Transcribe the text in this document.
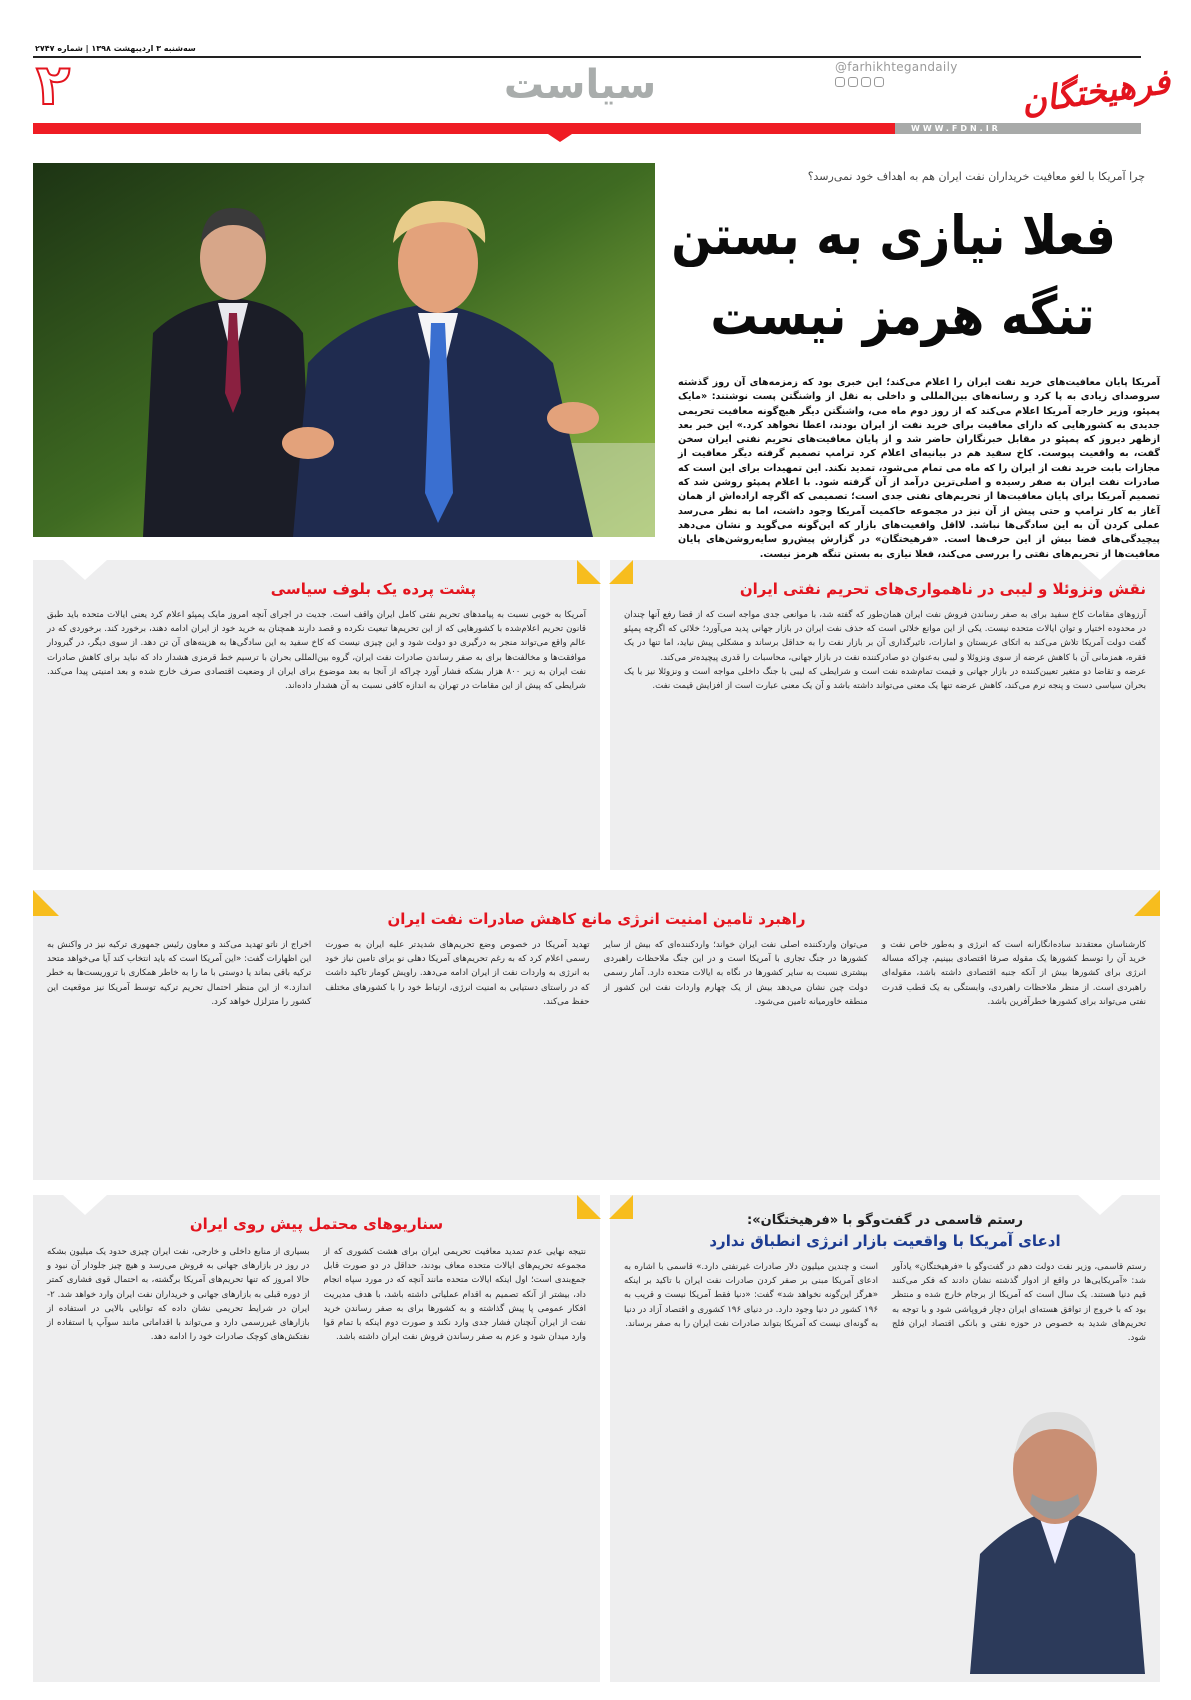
سه‌شنبه ۳ اردیبهشت ۱۳۹۸ | شماره ۲۷۴۷
@farhikhtegandaily فرهیختگان
سیاست
۲
WWW.FDN.IR
چرا آمریکا با لغو معافیت خریداران نفت ایران هم به اهداف خود نمی‌رسد؟
فعلا نیازی به بستن
تنگه هرمز نیست
آمریکا پایان معافیت‌های خرید نفت ایران را اعلام می‌کند؛ این خبری بود که زمزمه‌های آن روز گذشته سروصدای زیادی به پا کرد و رسانه‌های بین‌المللی و داخلی به نقل از واشنگتن پست نوشتند: «مایک پمپئو، وزیر خارجه آمریکا اعلام می‌کند که از روز دوم ماه می، واشنگتن دیگر هیچ‌گونه معافیت تحریمی جدیدی به کشورهایی که دارای معافیت برای خرید نفت از ایران بودند، اعطا نخواهد کرد.» این خبر بعد ازظهر دیروز که پمپئو در مقابل خبرنگاران حاضر شد و از پایان معافیت‌های تحریم نفتی ایران سخن گفت، به واقعیت پیوست. کاخ سفید هم در بیانیه‌ای اعلام کرد ترامپ تصمیم گرفته دیگر معافیت از مجازات بابت خرید نفت از ایران را که ماه می تمام می‌شود، تمدید نکند. این تمهیدات برای این است که صادرات نفت ایران به صفر رسیده و اصلی‌ترین درآمد از آن گرفته شود. با اعلام پمپئو روشن شد که تصمیم آمریکا برای پایان معافیت‌ها از تحریم‌های نفتی جدی است؛ تصمیمی که اگرچه اراده‌اش از همان آغاز به کار ترامپ و حتی پیش از آن نیز در مجموعه حاکمیت آمریکا وجود داشت، اما به نظر می‌رسد عملی کردن آن به این سادگی‌ها نباشد. لااقل واقعیت‌های بازار که این‌گونه می‌گوید و نشان می‌دهد پیچیدگی‌های فضا بیش از این حرف‌ها است. «فرهیختگان» در گزارش پیش‌رو سایه‌روشن‌های پایان معافیت‌ها از تحریم‌های نفتی را بررسی می‌کند، فعلا نیازی به بستن تنگه هرمز نیست.
نقش ونزوئلا و لیبی در ناهمواری‌های تحریم نفتی ایران

آرزوهای مقامات کاخ سفید برای به صفر رساندن فروش نفت ایران همان‌طور که گفته شد، با موانعی جدی مواجه است که از قضا رفع آنها چندان در محدوده اختیار و توان ایالات متحده نیست. یکی از این موانع خلائی است که حذف نفت ایران در بازار جهانی پدید می‌آورد؛ خلائی که اگرچه پمپئو گفت دولت آمریکا تلاش می‌کند به اتکای عربستان و امارات، تاثیرگذاری آن بر بازار نفت را به حداقل برساند و مشکلی پیش نیاید، اما تنها در یک فقره، همزمانی آن با کاهش عرضه از سوی ونزوئلا و لیبی به‌عنوان دو صادرکننده نفت در بازار جهانی، محاسبات را قدری پیچیده‌تر می‌کند.

عرضه و تقاضا دو متغیر تعیین‌کننده در بازار جهانی و قیمت تمام‌شده نفت است و شرایطی که لیبی با جنگ داخلی مواجه است و ونزوئلا نیز با یک بحران سیاسی دست و پنجه نرم می‌کند، کاهش عرضه تنها یک معنی می‌تواند داشته باشد و آن یک معنی عبارت است از افزایش قیمت نفت.

پشت پرده یک بلوف سیاسی

آمریکا به خوبی نسبت به پیامدهای تحریم نفتی کامل ایران واقف است. جدیت در اجرای آنچه امروز مایک پمپئو اعلام کرد یعنی ایالات متحده باید طبق قانون تحریم اعلام‌شده با کشورهایی که از این تحریم‌ها تبعیت نکرده و قصد دارند همچنان به خرید خود از ایران ادامه دهند، برخورد کند. برخوردی که در عالم واقع می‌تواند منجر به درگیری دو دولت شود و این چیزی نیست که کاخ سفید به این سادگی‌ها به هزینه‌های آن تن دهد. از سوی دیگر، در گیرودار موافقت‌ها و مخالفت‌ها برای به صفر رساندن صادرات نفت ایران، گروه بین‌المللی بحران با ترسیم خط قرمزی هشدار داد که نباید برای کاهش صادرات نفت ایران به زیر ۸۰۰ هزار بشکه فشار آورد چراکه از آنجا به بعد موضوع برای ایران از وضعیت اقتصادی صرف خارج شده و بعد امنیتی پیدا می‌کند. شرایطی که پیش از این مقامات در تهران به اندازه کافی نسبت به آن هشدار داده‌اند.

راهبرد تامین امنیت انرژی مانع کاهش صادرات نفت ایران

کارشناسان معتقدند ساده‌انگارانه است که انرژی و به‌طور خاص نفت و خرید آن را توسط کشورها یک مقوله صرفا اقتصادی ببینیم، چراکه مساله انرژی برای کشورها بیش از آنکه جنبه اقتصادی داشته باشد، مقوله‌ای راهبردی است. از منظر ملاحظات راهبردی، وابستگی به یک قطب قدرت نفتی می‌تواند برای کشورها خطرآفرین باشد.

می‌توان واردکننده اصلی نفت ایران خواند؛ واردکننده‌ای که بیش از سایر کشورها در جنگ تجاری با آمریکا است و در این جنگ ملاحظات راهبردی بیشتری نسبت به سایر کشورها در نگاه به ایالات متحده دارد. آمار رسمی دولت چین نشان می‌دهد بیش از یک چهارم واردات نفت این کشور از منطقه خاورمیانه تامین می‌شود.

تهدید آمریکا در خصوص وضع تحریم‌های شدیدتر علیه ایران به صورت رسمی اعلام کرد که به رغم تحریم‌های آمریکا دهلی نو برای تامین نیاز خود به انرژی به واردات نفت از ایران ادامه می‌دهد. راویش کومار تاکید داشت که در راستای دستیابی به امنیت انرژی، ارتباط خود را با کشورهای مختلف حفظ می‌کند.

اخراج از ناتو تهدید می‌کند و معاون رئیس جمهوری ترکیه نیز در واکنش به این اظهارات گفت: «این آمریکا است که باید انتخاب کند آیا می‌خواهد متحد ترکیه باقی بماند یا دوستی با ما را به خاطر همکاری با تروریست‌ها به خطر اندازد.» از این منظر احتمال تحریم ترکیه توسط آمریکا نیز موقعیت این کشور را متزلزل خواهد کرد.

رستم قاسمی در گفت‌وگو با «فرهیختگان»:
ادعای آمریکا با واقعیت بازار انرژی انطباق ندارد

رستم قاسمی، وزیر نفت دولت دهم در گفت‌وگو با «فرهیختگان» یادآور شد: «آمریکایی‌ها در واقع از ادوار گذشته نشان دادند که فکر می‌کنند قیم دنیا هستند. یک سال است که آمریکا از برجام خارج شده و منتظر بود که با خروج از توافق هسته‌ای ایران دچار فروپاشی شود و با توجه به تحریم‌های شدید به خصوص در حوزه نفتی و بانکی اقتصاد ایران فلج شود.

است و چندین میلیون دلار صادرات غیرنفتی دارد.» قاسمی با اشاره به ادعای آمریکا مبنی بر صفر کردن صادرات نفت ایران با تاکید بر اینکه «هرگز این‌گونه نخواهد شد» گفت: «دنیا فقط آمریکا نیست و قریب به ۱۹۶ کشور در دنیا وجود دارد. در دنیای ۱۹۶ کشوری و اقتصاد آزاد در دنیا به گونه‌ای نیست که آمریکا بتواند صادرات نفت ایران را به صفر برساند.

سناریوهای محتمل پیش روی ایران

نتیجه نهایی عدم تمدید معافیت تحریمی ایران برای هشت کشوری که از مجموعه تحریم‌های ایالات متحده معاف بودند، حداقل در دو صورت قابل جمع‌بندی است؛ اول اینکه ایالات متحده مانند آنچه که در مورد سپاه انجام داد، بیشتر از آنکه تصمیم به اقدام عملیاتی داشته باشد، با هدف مدیریت افکار عمومی پا پیش گذاشته و به کشورها برای به صفر رساندن خرید نفت از ایران آنچنان فشار جدی وارد نکند و صورت دوم اینکه با تمام قوا وارد میدان شود و عزم به صفر رساندن فروش نفت ایران داشته باشد.

بسیاری از منابع داخلی و خارجی، نفت ایران چیزی حدود یک میلیون بشکه در روز در بازارهای جهانی به فروش می‌رسد و هیچ چیز جلودار آن نبود و حالا امروز که تنها تحریم‌های آمریکا برگشته، به احتمال قوی فشاری کمتر از دوره قبلی به بازارهای جهانی و خریداران نفت ایران وارد خواهد شد. ۲- ایران در شرایط تحریمی نشان داده که توانایی بالایی در استفاده از بازارهای غیررسمی دارد و می‌تواند با اقداماتی مانند سوآپ یا استفاده از نفتکش‌های کوچک صادرات خود را ادامه دهد.
